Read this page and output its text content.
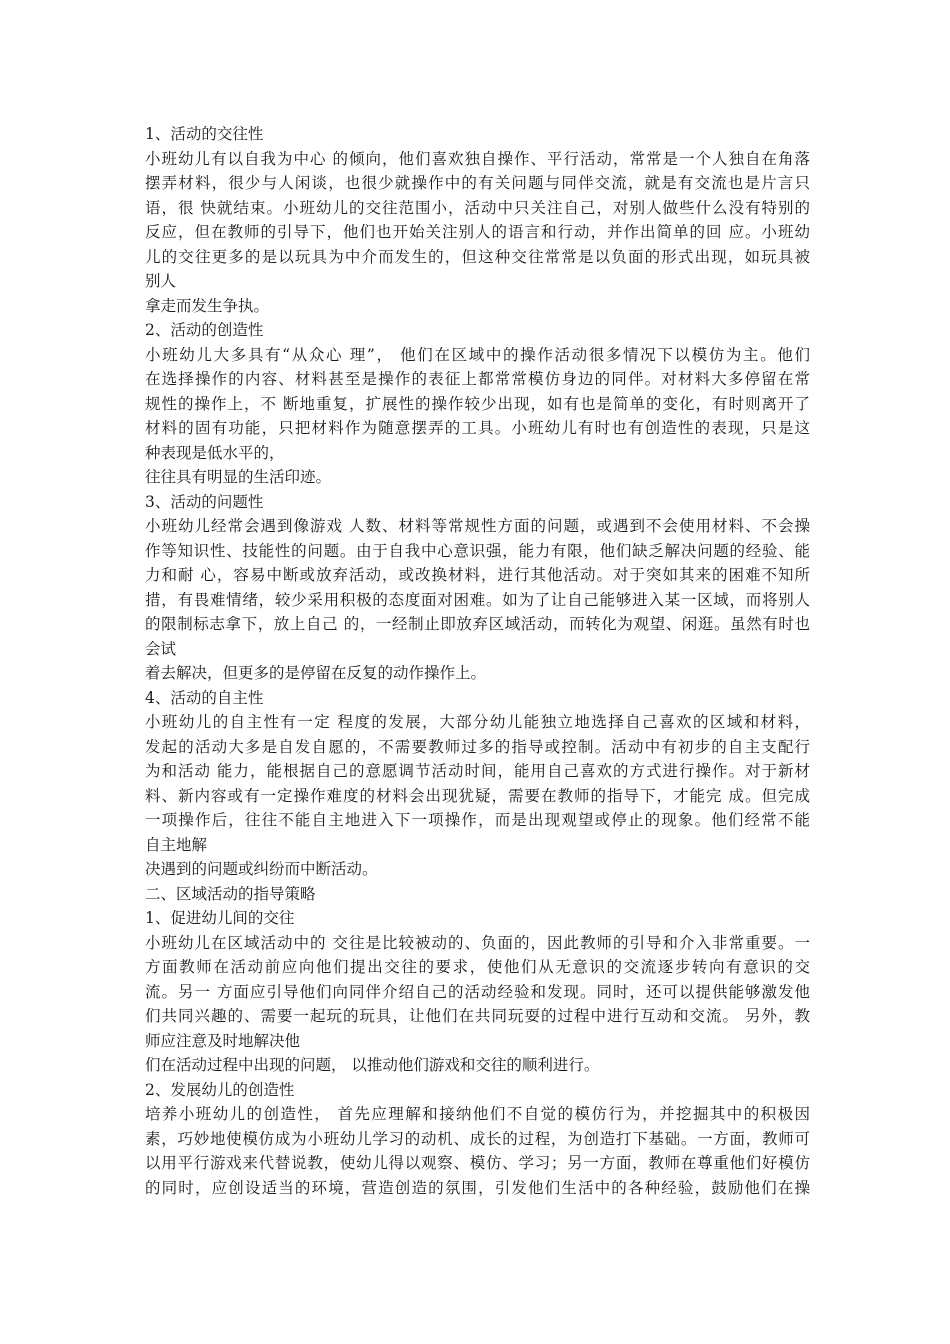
1、活动的交往性
小班幼儿有以自我为中心 的倾向，他们喜欢独自操作、平行活动，常常是一个人独自在角落
摆弄材料，很少与人闲谈，也很少就操作中的有关问题与同伴交流，就是有交流也是片言只
语，很 快就结束。小班幼儿的交往范围小，活动中只关注自己，对别人做些什么没有特别的
反应，但在教师的引导下，他们也开始关注别人的语言和行动，并作出简单的回 应。小班幼
儿的交往更多的是以玩具为中介而发生的，但这种交往常常是以负面的形式出现，如玩具被
别人
拿走而发生争执。
2、活动的创造性
小班幼儿大多具有“从众心 理”， 他们在区域中的操作活动很多情况下以模仿为主。他们
在选择操作的内容、材料甚至是操作的表征上都常常模仿身边的同伴。对材料大多停留在常
规性的操作上，不 断地重复，扩展性的操作较少出现，如有也是简单的变化，有时则离开了
材料的固有功能，只把材料作为随意摆弄的工具。小班幼儿有时也有创造性的表现，只是这
种表现是低水平的，
往往具有明显的生活印迹。
3、活动的问题性
小班幼儿经常会遇到像游戏 人数、材料等常规性方面的问题，或遇到不会使用材料、不会操
作等知识性、技能性的问题。由于自我中心意识强，能力有限，他们缺乏解决问题的经验、能
力和耐 心，容易中断或放弃活动，或改换材料，进行其他活动。对于突如其来的困难不知所
措，有畏难情绪，较少采用积极的态度面对困难。如为了让自己能够进入某一区域，而将别人
的限制标志拿下，放上自己 的，一经制止即放弃区域活动，而转化为观望、闲逛。虽然有时也
会试
着去解决，但更多的是停留在反复的动作操作上。
4、活动的自主性
小班幼儿的自主性有一定 程度的发展，大部分幼儿能独立地选择自己喜欢的区域和材料，
发起的活动大多是自发自愿的，不需要教师过多的指导或控制。活动中有初步的自主支配行
为和活动 能力，能根据自己的意愿调节活动时间，能用自己喜欢的方式进行操作。对于新材
料、新内容或有一定操作难度的材料会出现犹疑，需要在教师的指导下，才能完 成。但完成
一项操作后，往往不能自主地进入下一项操作，而是出现观望或停止的现象。他们经常不能
自主地解
决遇到的问题或纠纷而中断活动。
二、区域活动的指导策略
1、促进幼儿间的交往
小班幼儿在区域活动中的 交往是比较被动的、负面的，因此教师的引导和介入非常重要。一
方面教师在活动前应向他们提出交往的要求，使他们从无意识的交流逐步转向有意识的交
流。另一 方面应引导他们向同伴介绍自己的活动经验和发现。同时，还可以提供能够激发他
们共同兴趣的、需要一起玩的玩具，让他们在共同玩耍的过程中进行互动和交流。 另外，教
师应注意及时地解决他
们在活动过程中出现的问题， 以推动他们游戏和交往的顺利进行。
2、发展幼儿的创造性
培养小班幼儿的创造性， 首先应理解和接纳他们不自觉的模仿行为，并挖掘其中的积极因
素，巧妙地使模仿成为小班幼儿学习的动机、成长的过程，为创造打下基础。一方面，教师可
以用平行游戏来代替说教，使幼儿得以观察、模仿、学习；另一方面，教师在尊重他们好模仿
的同时，应创设适当的环境，营造创造的氛围，引发他们生活中的各种经验，鼓励他们在操
